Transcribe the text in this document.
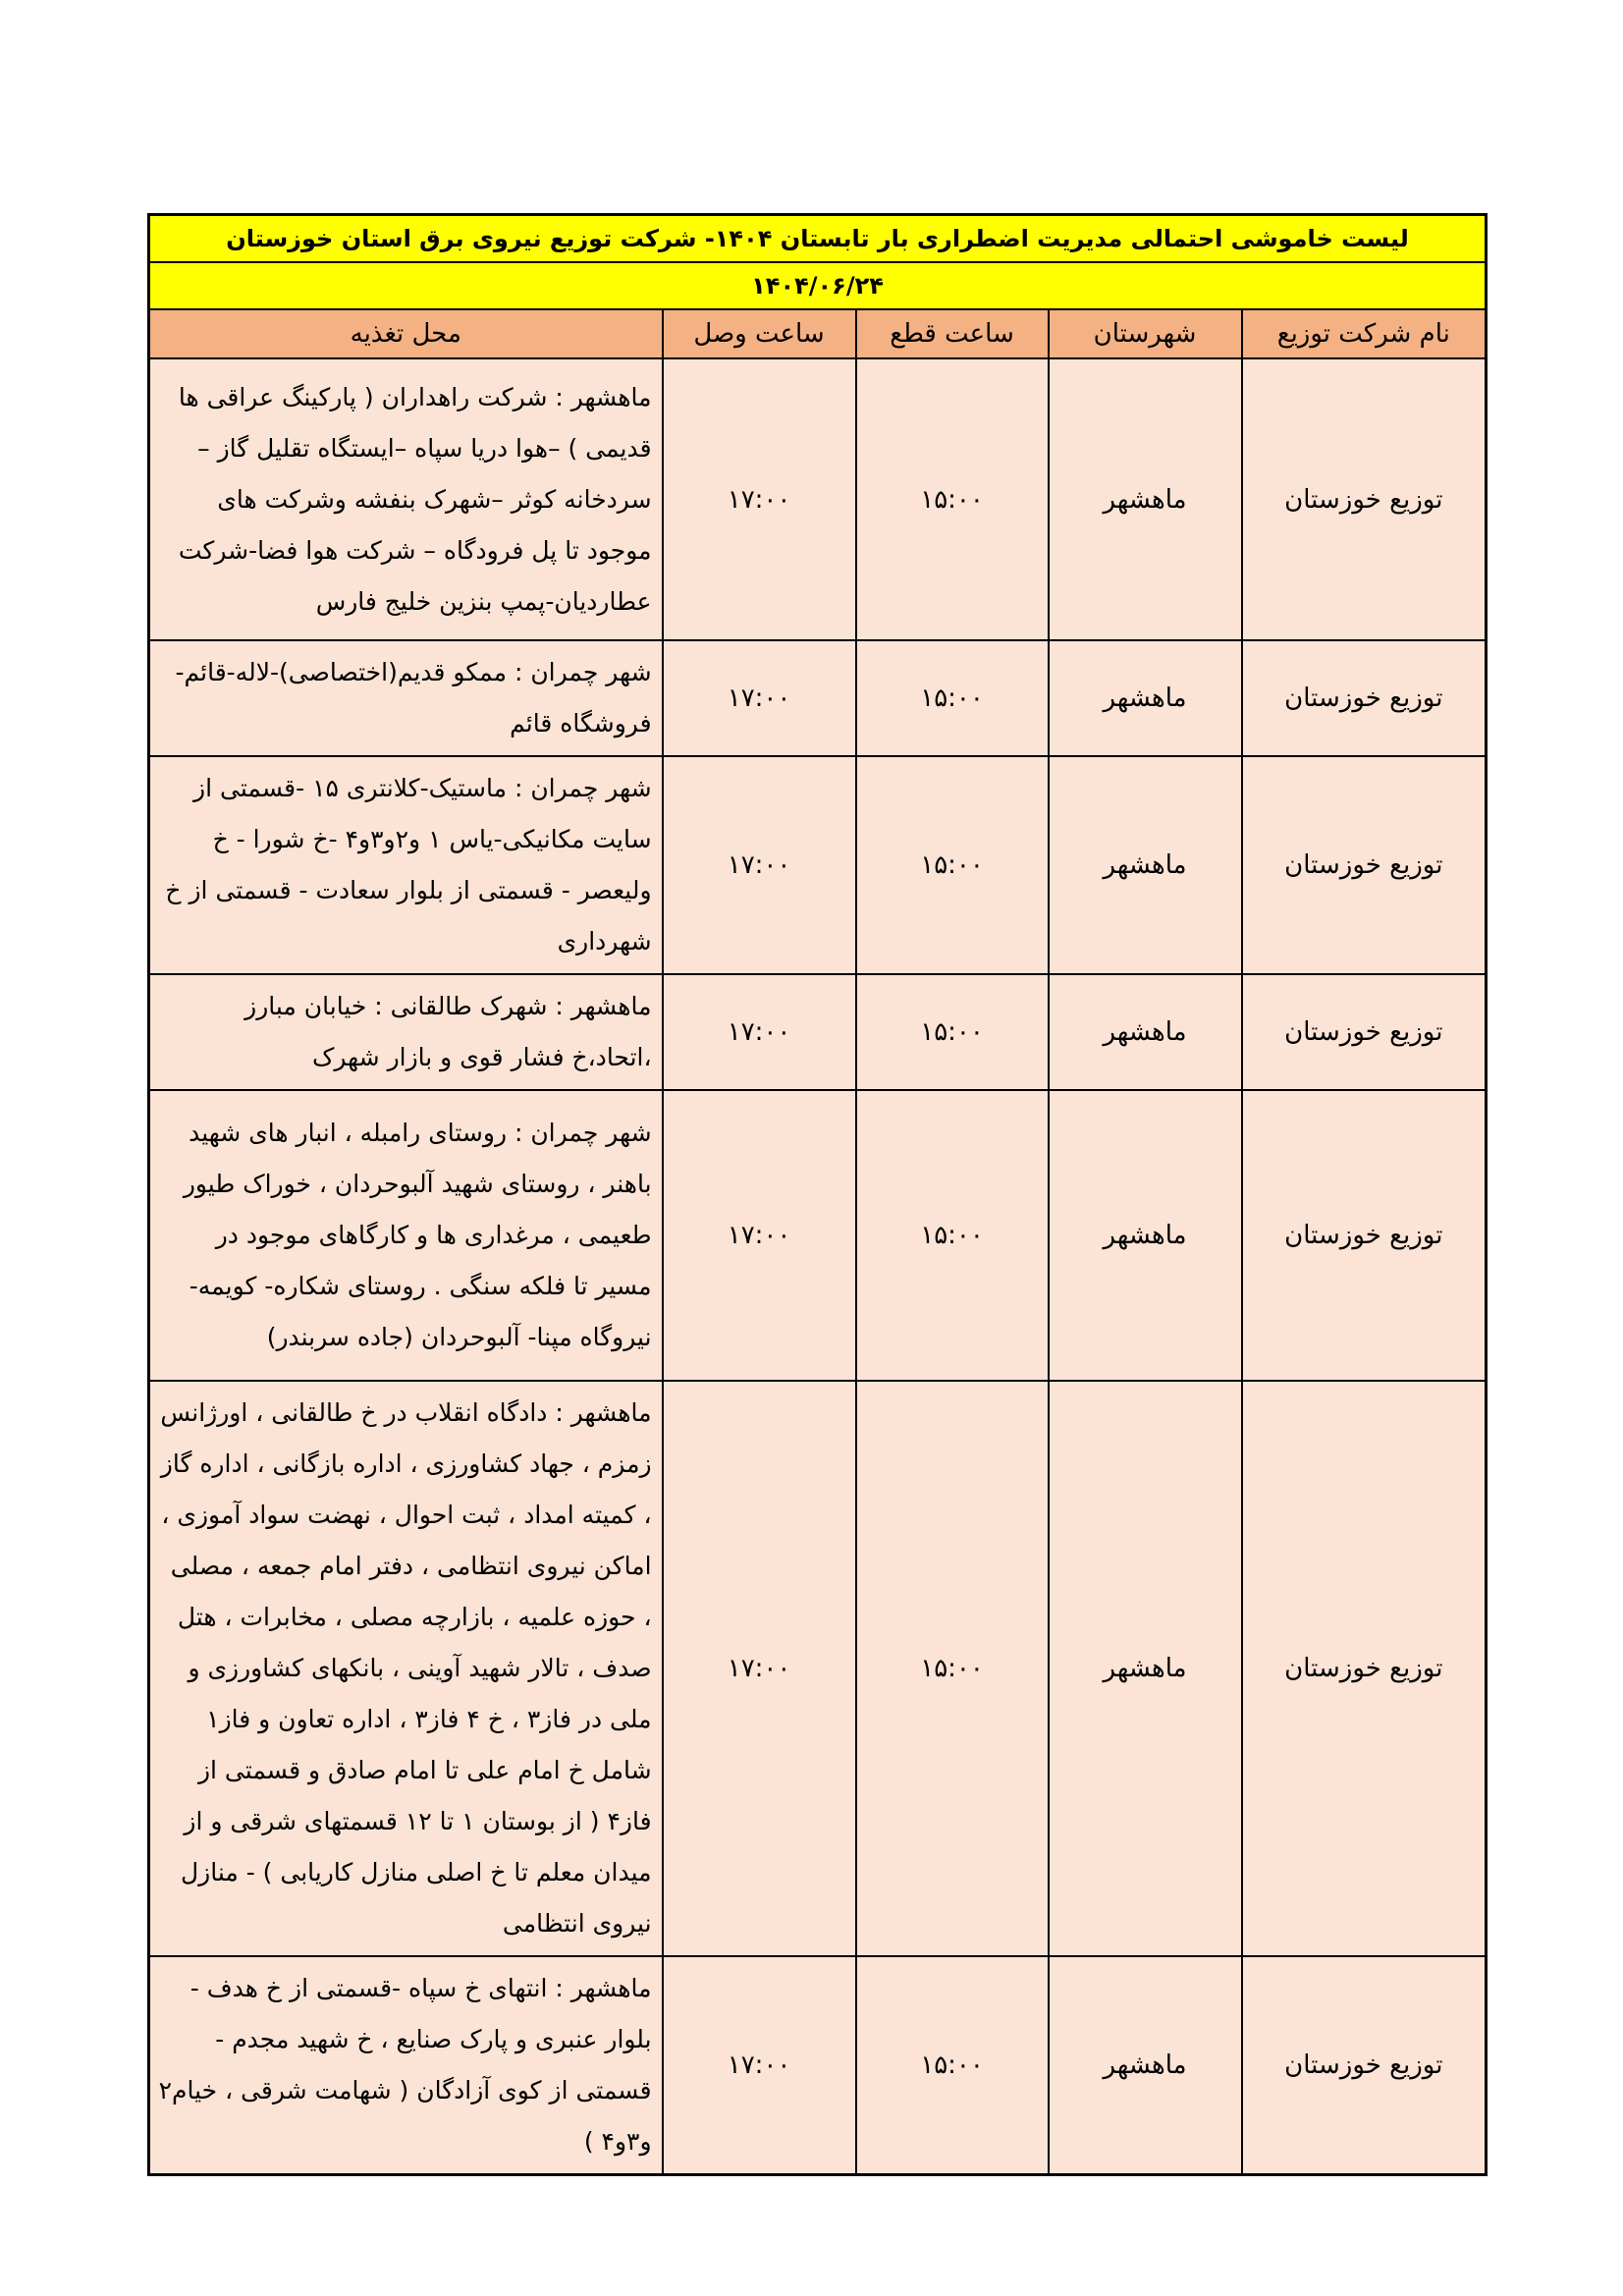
لیست خاموشی احتمالی مدیریت اضطراری بار تابستان ۱۴۰۴- شرکت توزیع نیروی برق استان خوزستان				
۱۴۰۴/۰۶/۲۴				
نام شرکت توزیع	شهرستان	ساعت قطع	ساعت وصل	محل تغذیه
توزیع خوزستان	ماهشهر	۱۵:۰۰	۱۷:۰۰	ماهشهر : شرکت راهداران ( پارکینگ عراقی ها قدیمی ) –هوا دریا سپاه –ایستگاه تقلیل گاز –سردخانه کوثر –شهرک بنفشه وشرکت های موجود تا پل فرودگاه – شرکت هوا فضا-شرکت عطاردیان-پمپ بنزین خلیج فارس
توزیع خوزستان	ماهشهر	۱۵:۰۰	۱۷:۰۰	شهر چمران : ممکو قدیم(اختصاصی)-لاله-قائم-فروشگاه قائم
توزیع خوزستان	ماهشهر	۱۵:۰۰	۱۷:۰۰	شهر چمران : ماستیک-کلانتری ۱۵ -قسمتی از سایت مکانیکی-یاس ۱ و۲و۳و۴ -خ شورا - خ ولیعصر - قسمتی از بلوار سعادت - قسمتی از خ شهرداری
توزیع خوزستان	ماهشهر	۱۵:۰۰	۱۷:۰۰	ماهشهر : شهرک طالقانی : خیابان مبارز ،اتحاد،خ فشار قوی و بازار شهرک
توزیع خوزستان	ماهشهر	۱۵:۰۰	۱۷:۰۰	شهر چمران : روستای رامبله ، انبار های شهید باهنر ، روستای شهید آلبوحردان ، خوراک طیور طعیمی ، مرغداری ها و کارگاهای موجود در مسیر تا فلکه سنگی . روستای شکاره- کویمه- نیروگاه مپنا- آلبوحردان (جاده سربندر)
توزیع خوزستان	ماهشهر	۱۵:۰۰	۱۷:۰۰	ماهشهر : دادگاه انقلاب در خ طالقانی ، اورژانس زمزم ، جهاد کشاورزی ، اداره بازگانی ، اداره گاز ، کمیته امداد ، ثبت احوال ، نهضت سواد آموزی ، اماکن نیروی انتظامی ، دفتر امام جمعه ، مصلی ، حوزه علمیه ، بازارچه مصلی ، مخابرات ، هتل صدف ، تالار شهید آوینی ، بانکهای کشاورزی و ملی در فاز۳ ، خ ۴ فاز۳ ، اداره تعاون و فاز۱ شامل خ امام علی تا امام صادق و قسمتی از فاز۴ ( از بوستان ۱ تا ۱۲ قسمتهای شرقی و از میدان معلم تا خ اصلی منازل کاریابی ) - منازل نیروی انتظامی
توزیع خوزستان	ماهشهر	۱۵:۰۰	۱۷:۰۰	ماهشهر : انتهای خ سپاه -قسمتی از خ هدف - بلوار عنبری و پارک صنایع ، خ شهید مجدم - قسمتی از کوی آزادگان ( شهامت شرقی ، خیام۲ و۳و۴ )
